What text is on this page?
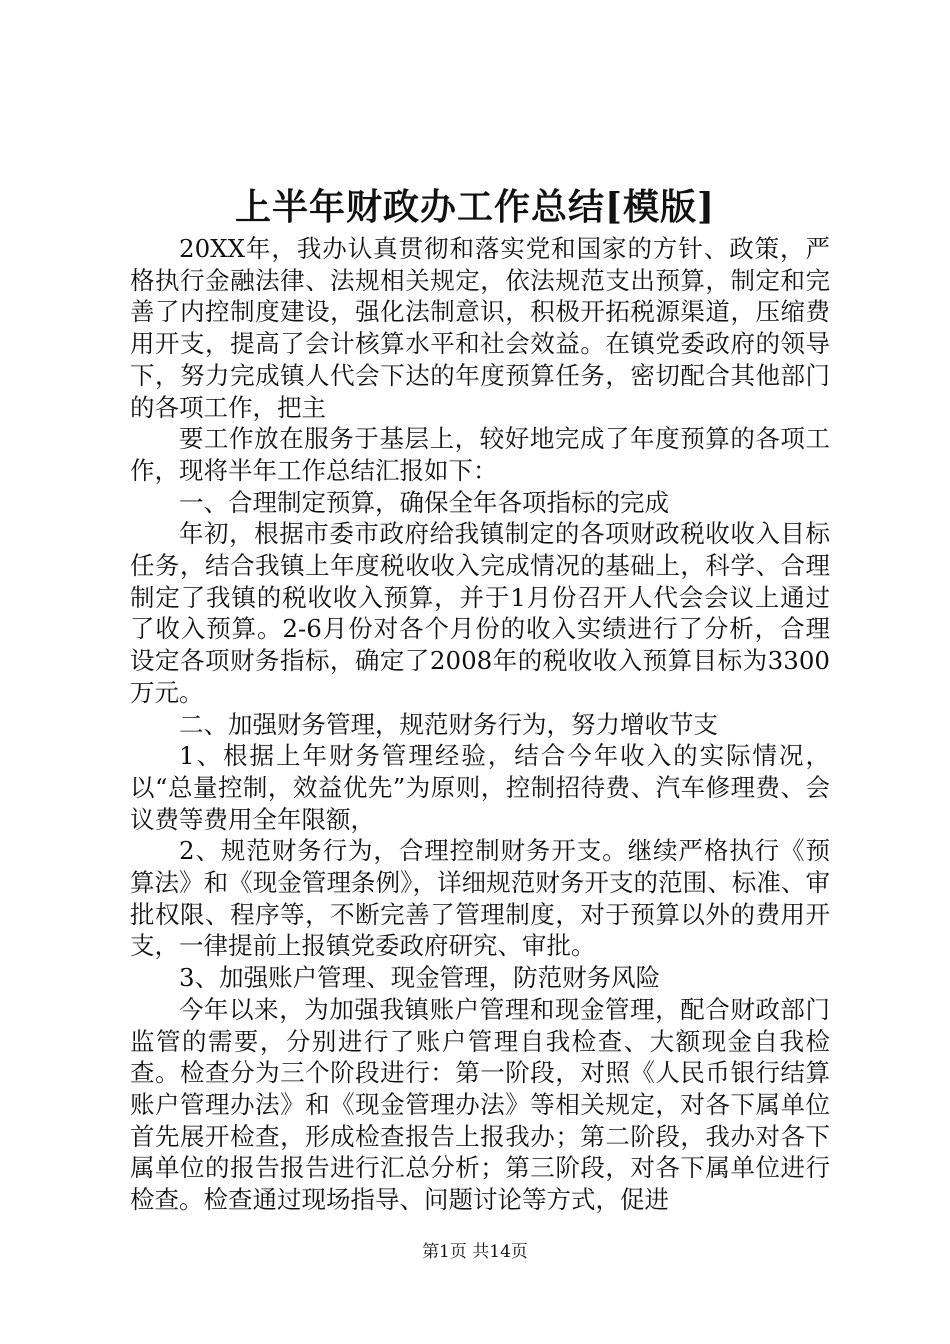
上半年财政办工作总结[模版]

20XX年，我办认真贯彻和落实党和国家的方针、政策，严格执行金融法律、法规相关规定，依法规范支出预算，制定和完善了内控制度建设，强化法制意识，积极开拓税源渠道，压缩费用开支，提高了会计核算水平和社会效益。在镇党委政府的领导下，努力完成镇人代会下达的年度预算任务，密切配合其他部门的各项工作，把主

要工作放在服务于基层上，较好地完成了年度预算的各项工作，现将半年工作总结汇报如下：

一、合理制定预算，确保全年各项指标的完成

年初，根据市委市政府给我镇制定的各项财政税收收入目标任务，结合我镇上年度税收收入完成情况的基础上，科学、合理制定了我镇的税收收入预算，并于1月份召开人代会会议上通过了收入预算。2-6月份对各个月份的收入实绩进行了分析，合理设定各项财务指标，确定了2008年的税收收入预算目标为3300万元。

二、加强财务管理，规范财务行为，努力增收节支

1、根据上年财务管理经验，结合今年收入的实际情况，以“总量控制，效益优先”为原则，控制招待费、汽车修理费、会议费等费用全年限额，

2、规范财务行为，合理控制财务开支。继续严格执行《预算法》和《现金管理条例》，详细规范财务开支的范围、标准、审批权限、程序等，不断完善了管理制度，对于预算以外的费用开支，一律提前上报镇党委政府研究、审批。

3、加强账户管理、现金管理，防范财务风险

今年以来，为加强我镇账户管理和现金管理，配合财政部门监管的需要，分别进行了账户管理自我检查、大额现金自我检查。检查分为三个阶段进行：第一阶段，对照《人民币银行结算账户管理办法》和《现金管理办法》等相关规定，对各下属单位首先展开检查，形成检查报告上报我办；第二阶段，我办对各下属单位的报告报告进行汇总分析；第三阶段，对各下属单位进行检查。检查通过现场指导、问题讨论等方式，促进

第1页 共14页
